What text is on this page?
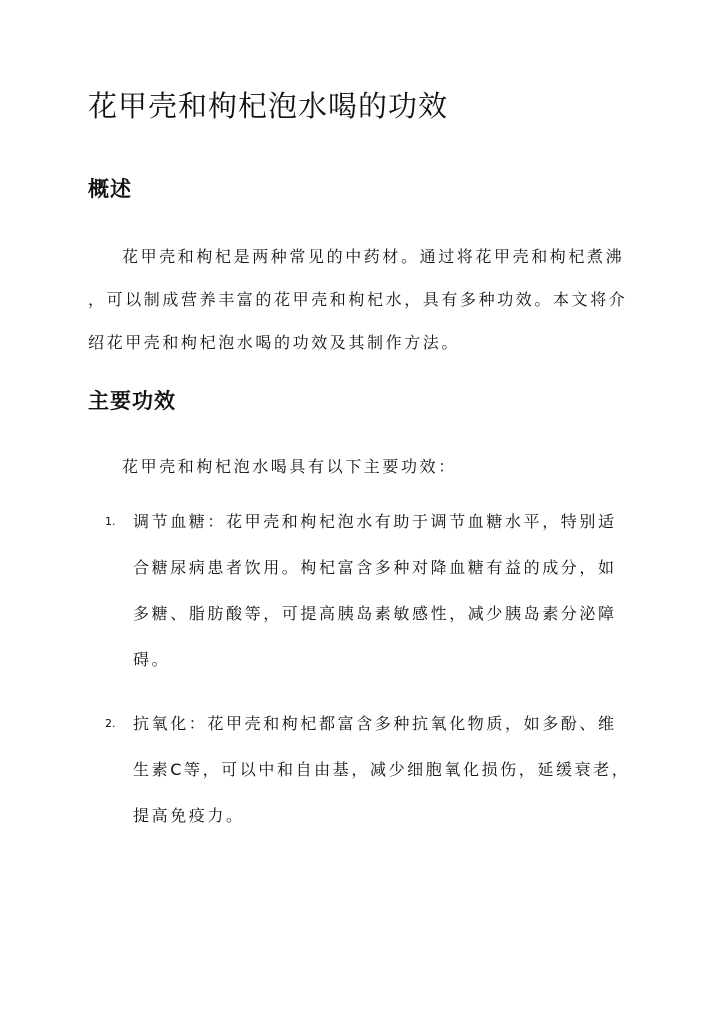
花甲壳和枸杞泡水喝的功效
概述

花甲壳和枸杞是两种常见的中药材。通过将花甲壳和枸杞煮沸
，可以制成营养丰富的花甲壳和枸杞水，具有多种功效。本文将介
绍花甲壳和枸杞泡水喝的功效及其制作方法。

主要功效

花甲壳和枸杞泡水喝具有以下主要功效：

1. 调节血糖：花甲壳和枸杞泡水有助于调节血糖水平，特别适
合糖尿病患者饮用。枸杞富含多种对降血糖有益的成分，如
多糖、脂肪酸等，可提高胰岛素敏感性，减少胰岛素分泌障
碍。
2. 抗氧化：花甲壳和枸杞都富含多种抗氧化物质，如多酚、维
生素C等，可以中和自由基，减少细胞氧化损伤，延缓衰老，
提高免疫力。
